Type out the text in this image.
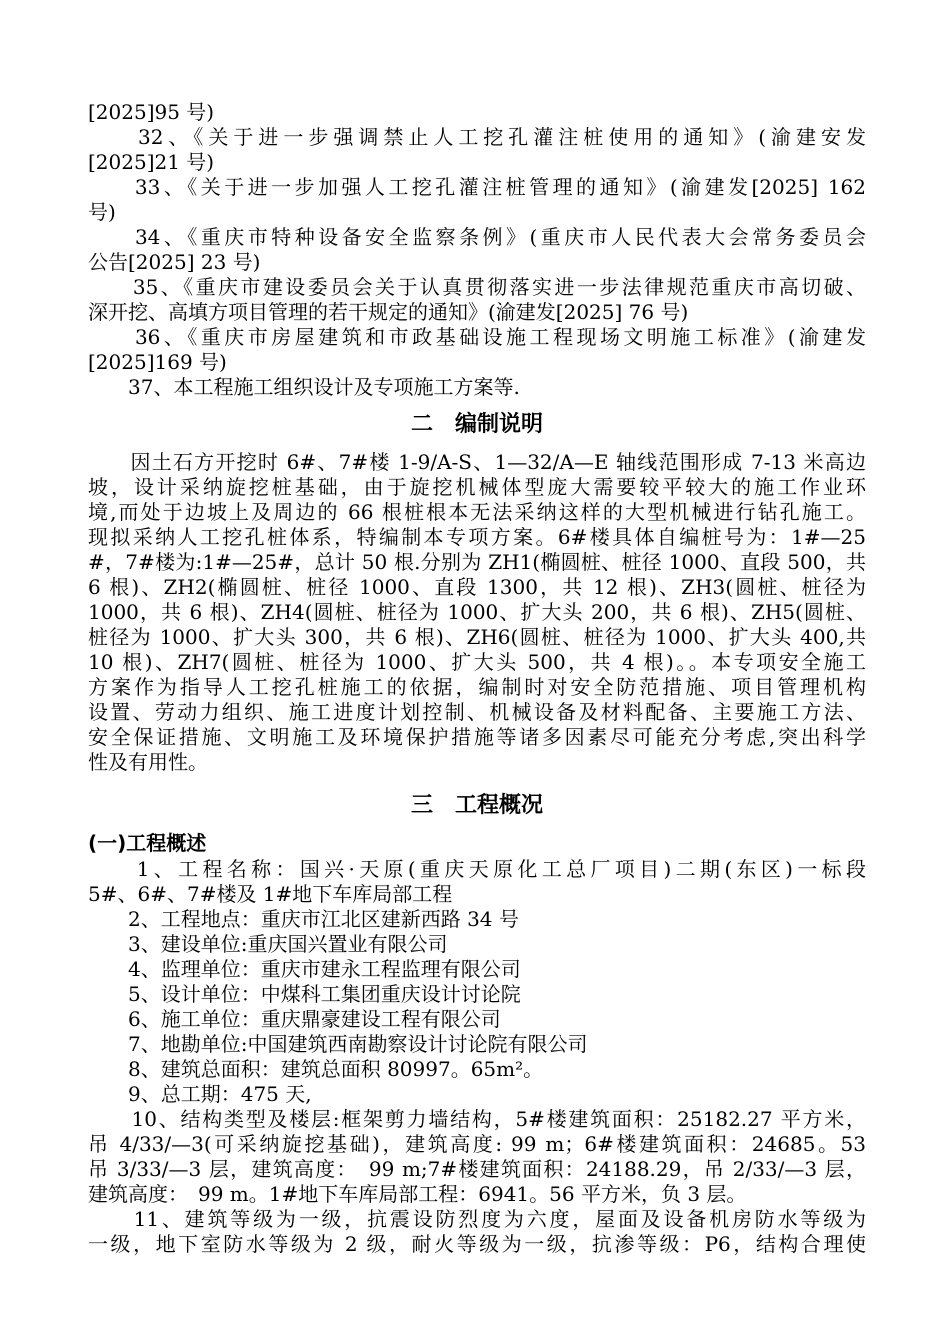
[2025]95 号)
　　32、《关于进一步强调禁止人工挖孔灌注桩使用的通知》(渝建安发
[2025]21 号)
　　33、《关于进一步加强人工挖孔灌注桩管理的通知》(渝建发[2025] 162
号)
　　34、《重庆市特种设备安全监察条例》(重庆市人民代表大会常务委员会
公告[2025] 23 号)
　　35、《重庆市建设委员会关于认真贯彻落实进一步法律规范重庆市高切破、
深开挖、高填方项目管理的若干规定的通知》(渝建发[2025] 76 号)
　　36、《重庆市房屋建筑和市政基础设施工程现场文明施工标准》(渝建发
[2025]169 号)
　　37、本工程施工组织设计及专项施工方案等.
二　编制说明
　　因土石方开挖时 6#、7#楼 1-9/A-S、1—32/A—E 轴线范围形成 7-13 米高边
坡，设计采纳旋挖桩基础，由于旋挖机械体型庞大需要较平较大的施工作业环
境,而处于边坡上及周边的 66 根桩根本无法采纳这样的大型机械进行钻孔施工。
现拟采纳人工挖孔桩体系，特编制本专项方案。6#楼具体自编桩号为：1#—25
#，7#楼为:1#—25#，总计 50 根.分别为 ZH1(椭圆桩、桩径 1000、直段 500，共
6 根)、ZH2(椭圆桩、桩径 1000、直段 1300，共 12 根)、ZH3(圆桩、桩径为
1000，共 6 根)、ZH4(圆桩、桩径为 1000、扩大头 200，共 6 根)、ZH5(圆桩、
桩径为 1000、扩大头 300，共 6 根)、ZH6(圆桩、桩径为 1000、扩大头 400,共
10 根)、ZH7(圆桩、桩径为 1000、扩大头 500，共 4 根)。。本专项安全施工
方案作为指导人工挖孔桩施工的依据，编制时对安全防范措施、项目管理机构
设置、劳动力组织、施工进度计划控制、机械设备及材料配备、主要施工方法、
安全保证措施、文明施工及环境保护措施等诸多因素尽可能充分考虑,突出科学
性及有用性。
三　工程概况
(一)工程概述
　　1、工程名称：国兴·天原(重庆天原化工总厂项目)二期(东区)一标段
5#、6#、7#楼及 1#地下车库局部工程
　　2、工程地点：重庆市江北区建新西路 34 号
　　3、建设单位:重庆国兴置业有限公司
　　4、监理单位：重庆市建永工程监理有限公司
　　5、设计单位：中煤科工集团重庆设计讨论院
　　6、施工单位：重庆鼎豪建设工程有限公司
　　7、地勘单位:中国建筑西南勘察设计讨论院有限公司
　　8、建筑总面积：建筑总面积 80997。65m²。
　　9、总工期：475 天,
　　10、结构类型及楼层:框架剪力墙结构，5#楼建筑面积：25182.27 平方米，
吊 4/33/—3(可采纳旋挖基础)，建筑高度: 99 m；6#楼建筑面积：24685。53
吊 3/33/—3 层，建筑高度：　99 m;7#楼建筑面积：24188.29，吊 2/33/—3 层，
建筑高度：　99 m。1#地下车库局部工程：6941。56 平方米，负 3 层。
　　11、建筑等级为一级，抗震设防烈度为六度，屋面及设备机房防水等级为
一级，地下室防水等级为 2 级，耐火等级为一级，抗渗等级：P6，结构合理使
